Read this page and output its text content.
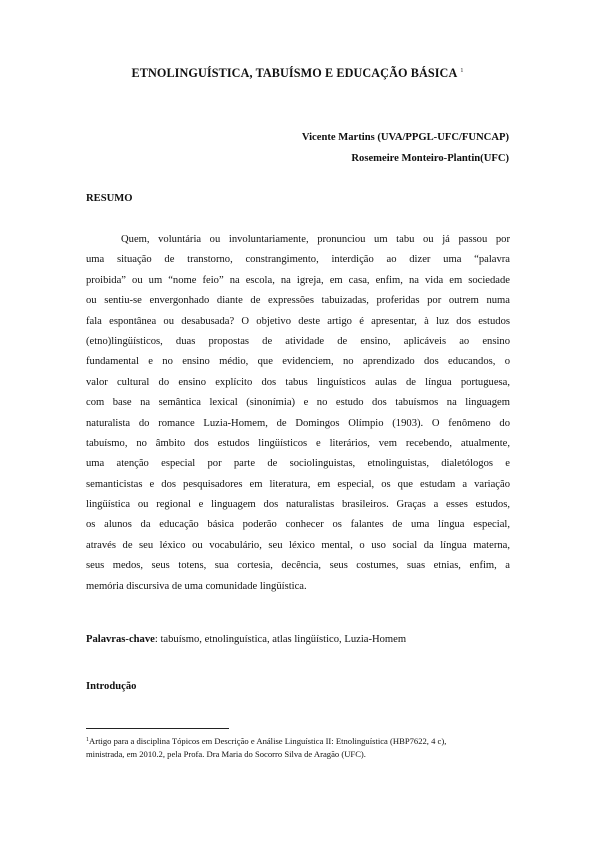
ETNOLINGUÍSTICA, TABUÍSMO E EDUCAÇÃO BÁSICA $^1$
Vicente Martins (UVA/PPGL-UFC/FUNCAP)
Rosemeire Monteiro-Plantin(UFC)
RESUMO
Quem, voluntária ou involuntariamente, pronunciou um tabu ou já passou por
uma situação de transtorno, constrangimento, interdição ao dizer uma “palavra
proibida” ou um “nome feio” na escola, na igreja, em casa, enfim, na vida em sociedade
ou sentiu-se envergonhado diante de expressões tabuizadas, proferidas por outrem numa
fala espontânea ou desabusada? O objetivo deste artigo é apresentar, à luz dos estudos
(etno)lingüísticos, duas propostas de atividade de ensino, aplicáveis ao ensino
fundamental e no ensino médio, que evidenciem, no aprendizado dos educandos, o
valor cultural do ensino explícito dos tabus linguísticos aulas de língua portuguesa,
com base na semântica lexical (sinonímia) e no estudo dos tabuísmos na linguagem
naturalista do romance Luzia-Homem, de Domingos Olímpio (1903). O fenômeno do
tabuísmo, no âmbito dos estudos lingüísticos e literários, vem recebendo, atualmente,
uma atenção especial por parte de sociolinguistas, etnolinguistas, dialetólogos e
semanticistas e dos pesquisadores em literatura, em especial, os que estudam a variação
lingüística ou regional e linguagem dos naturalistas brasileiros. Graças a esses estudos,
os alunos da educação básica poderão conhecer os falantes de uma língua especial,
através de seu léxico ou vocabulário, seu léxico mental, o uso social da língua materna,
seus medos, seus totens, sua cortesia, decência, seus costumes, suas etnias, enfim, a
memória discursiva de uma comunidade lingüística.
Palavras-chave: tabuísmo, etnolinguística, atlas lingüístico, Luzia-Homem
Introdução
$^1$Artigo para a disciplina Tópicos em Descrição e Análise Linguística II: Etnolinguística (HBP7622, 4 c),
ministrada, em 2010.2, pela Profa. Dra Maria do Socorro Silva de Aragão (UFC).
